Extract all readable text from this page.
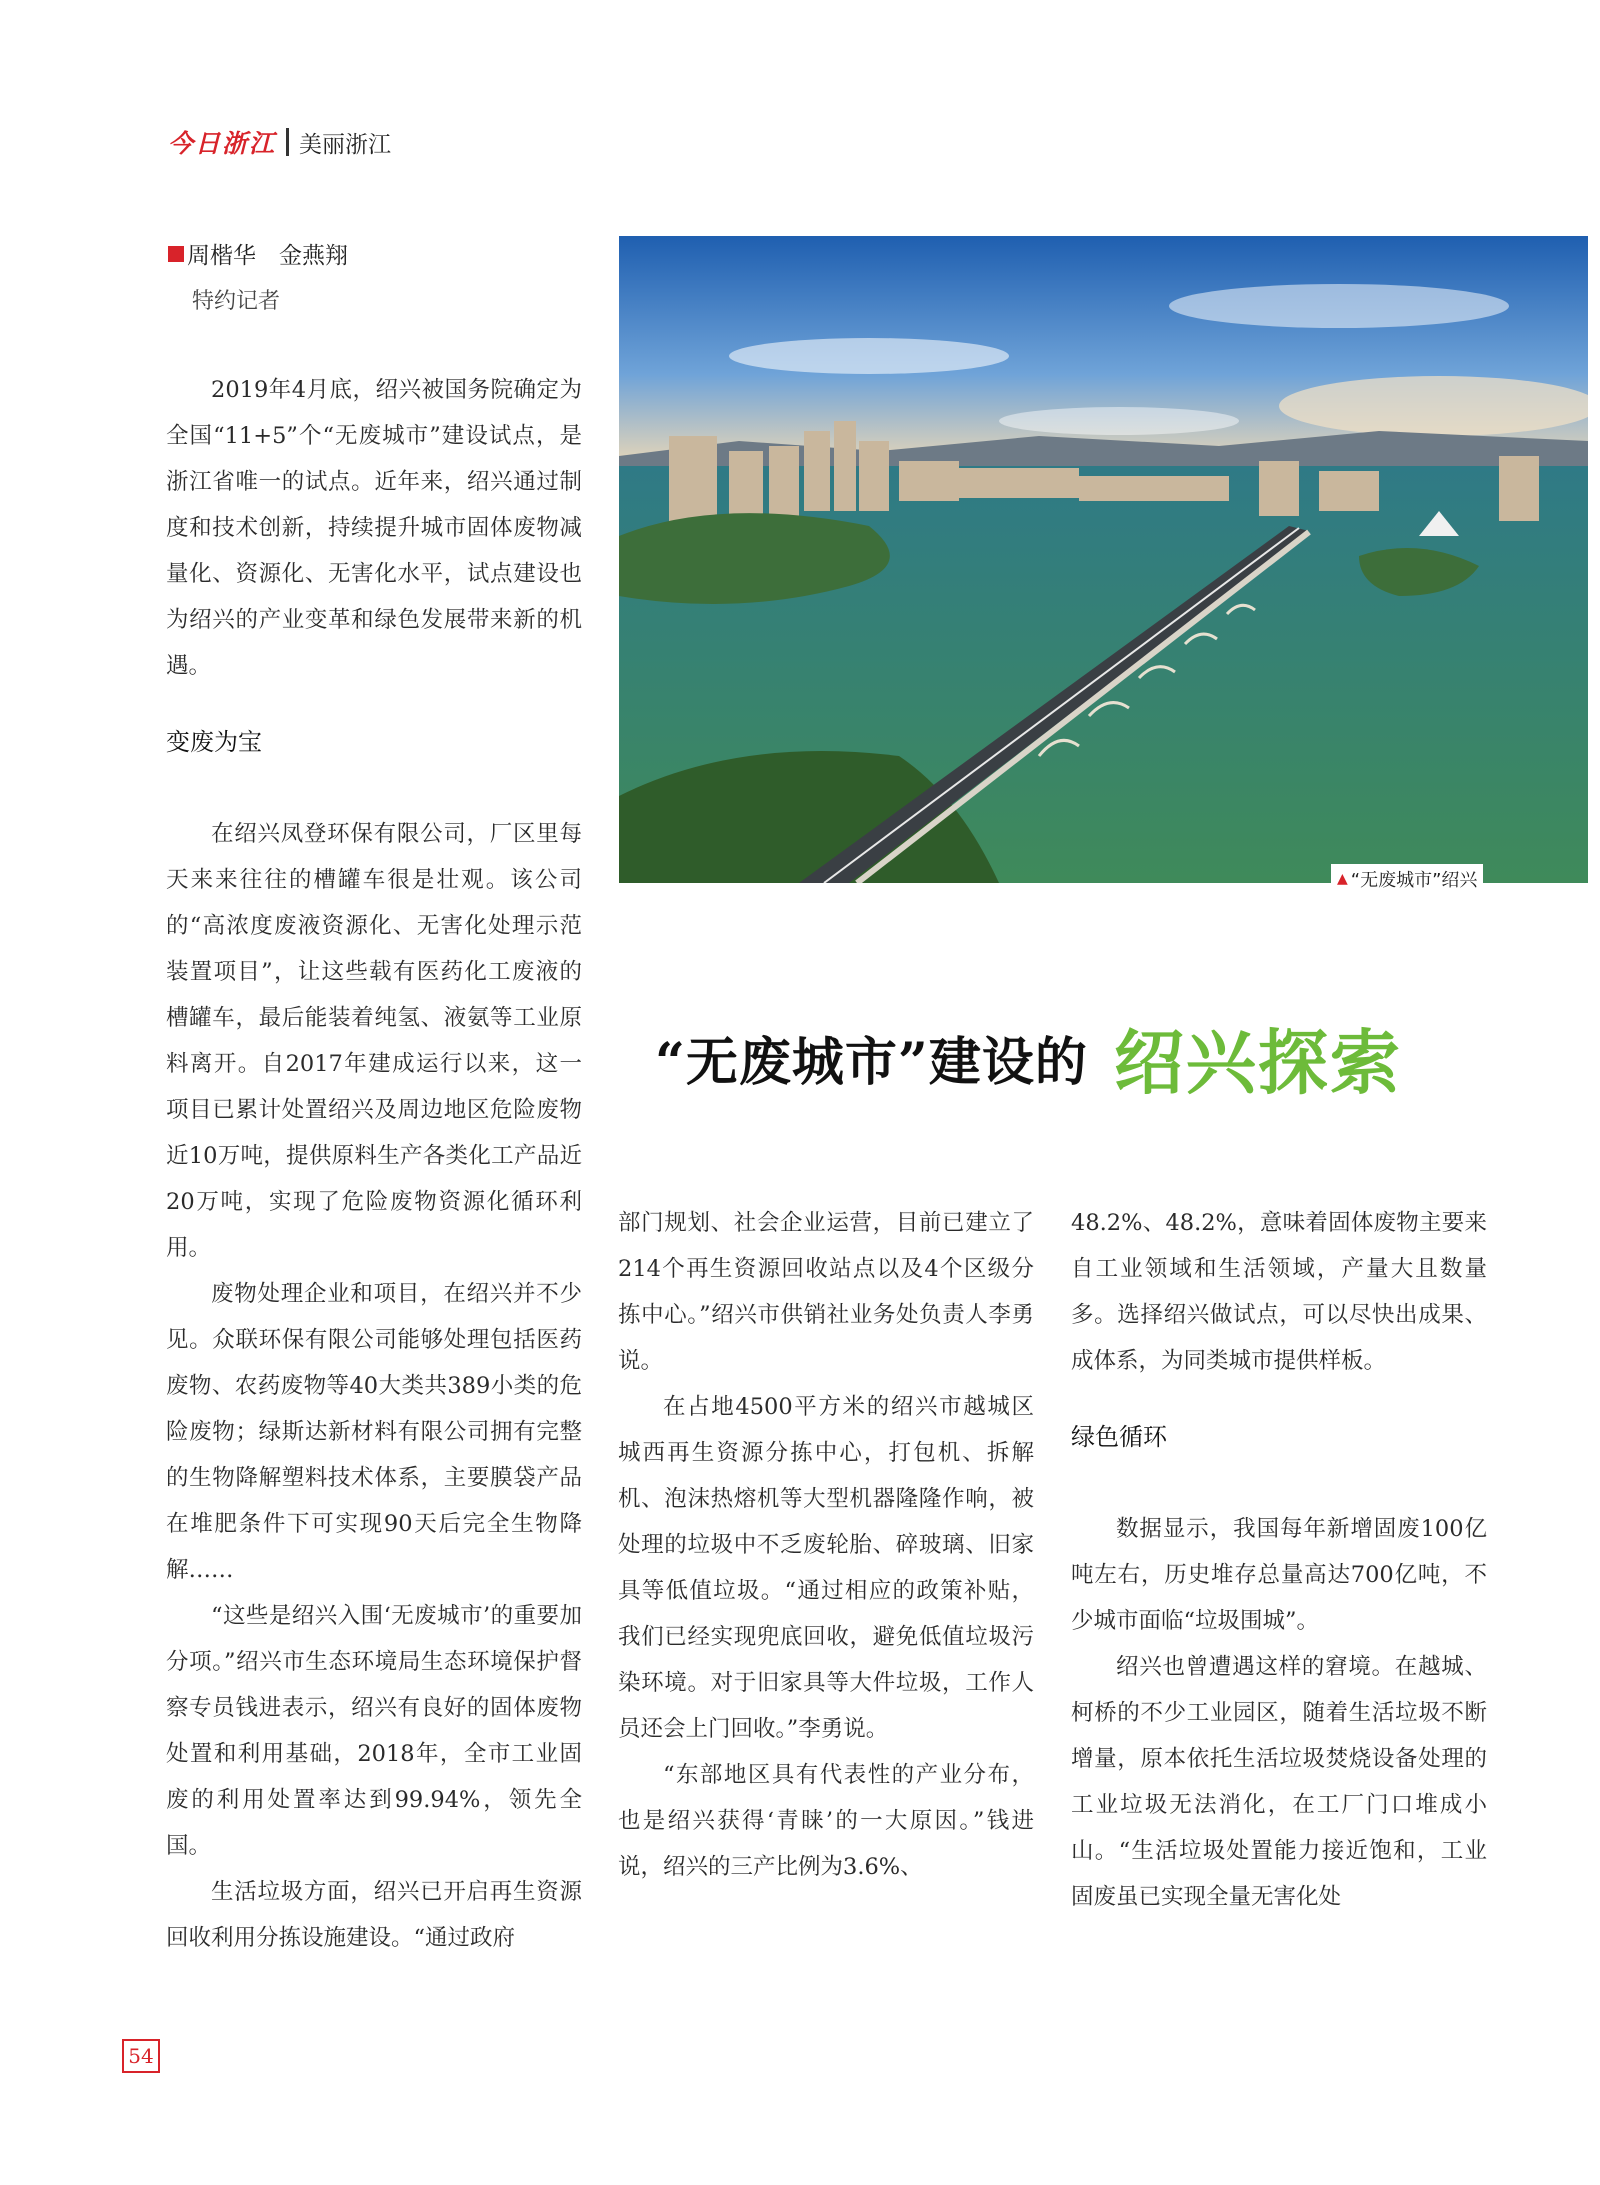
今日浙江 美丽浙江
周楷华　金燕翔
特约记者
▲ “无废城市”绍兴
“无废城市”建设的 绍兴探索

2019年4月底，绍兴被国务院确定为全国“11+5”个“无废城市”建设试点，是浙江省唯一的试点。近年来，绍兴通过制度和技术创新，持续提升城市固体废物减量化、资源化、无害化水平，试点建设也为绍兴的产业变革和绿色发展带来新的机遇。

变废为宝

在绍兴凤登环保有限公司，厂区里每天来来往往的槽罐车很是壮观。该公司的“高浓度废液资源化、无害化处理示范装置项目”，让这些载有医药化工废液的槽罐车，最后能装着纯氢、液氨等工业原料离开。自2017年建成运行以来，这一项目已累计处置绍兴及周边地区危险废物近10万吨，提供原料生产各类化工产品近20万吨，实现了危险废物资源化循环利用。

废物处理企业和项目，在绍兴并不少见。众联环保有限公司能够处理包括医药废物、农药废物等40大类共389小类的危险废物；绿斯达新材料有限公司拥有完整的生物降解塑料技术体系，主要膜袋产品在堆肥条件下可实现90天后完全生物降解……

“这些是绍兴入围‘无废城市’的重要加分项。”绍兴市生态环境局生态环境保护督察专员钱进表示，绍兴有良好的固体废物处置和利用基础，2018年，全市工业固废的利用处置率达到99.94%，领先全国。

生活垃圾方面，绍兴已开启再生资源回收利用分拣设施建设。“通过政府

部门规划、社会企业运营，目前已建立了214个再生资源回收站点以及4个区级分拣中心。”绍兴市供销社业务处负责人李勇说。

在占地4500平方米的绍兴市越城区城西再生资源分拣中心，打包机、拆解机、泡沫热熔机等大型机器隆隆作响，被处理的垃圾中不乏废轮胎、碎玻璃、旧家具等低值垃圾。“通过相应的政策补贴，我们已经实现兜底回收，避免低值垃圾污染环境。对于旧家具等大件垃圾，工作人员还会上门回收。”李勇说。

“东部地区具有代表性的产业分布，也是绍兴获得‘青睐’的一大原因。”钱进说，绍兴的三产比例为3.6%、

48.2%、48.2%，意味着固体废物主要来自工业领域和生活领域，产量大且数量多。选择绍兴做试点，可以尽快出成果、成体系，为同类城市提供样板。

绿色循环

数据显示，我国每年新增固废100亿吨左右，历史堆存总量高达700亿吨，不少城市面临“垃圾围城”。

绍兴也曾遭遇这样的窘境。在越城、柯桥的不少工业园区，随着生活垃圾不断增量，原本依托生活垃圾焚烧设备处理的工业垃圾无法消化，在工厂门口堆成小山。“生活垃圾处置能力接近饱和，工业固废虽已实现全量无害化处

54
